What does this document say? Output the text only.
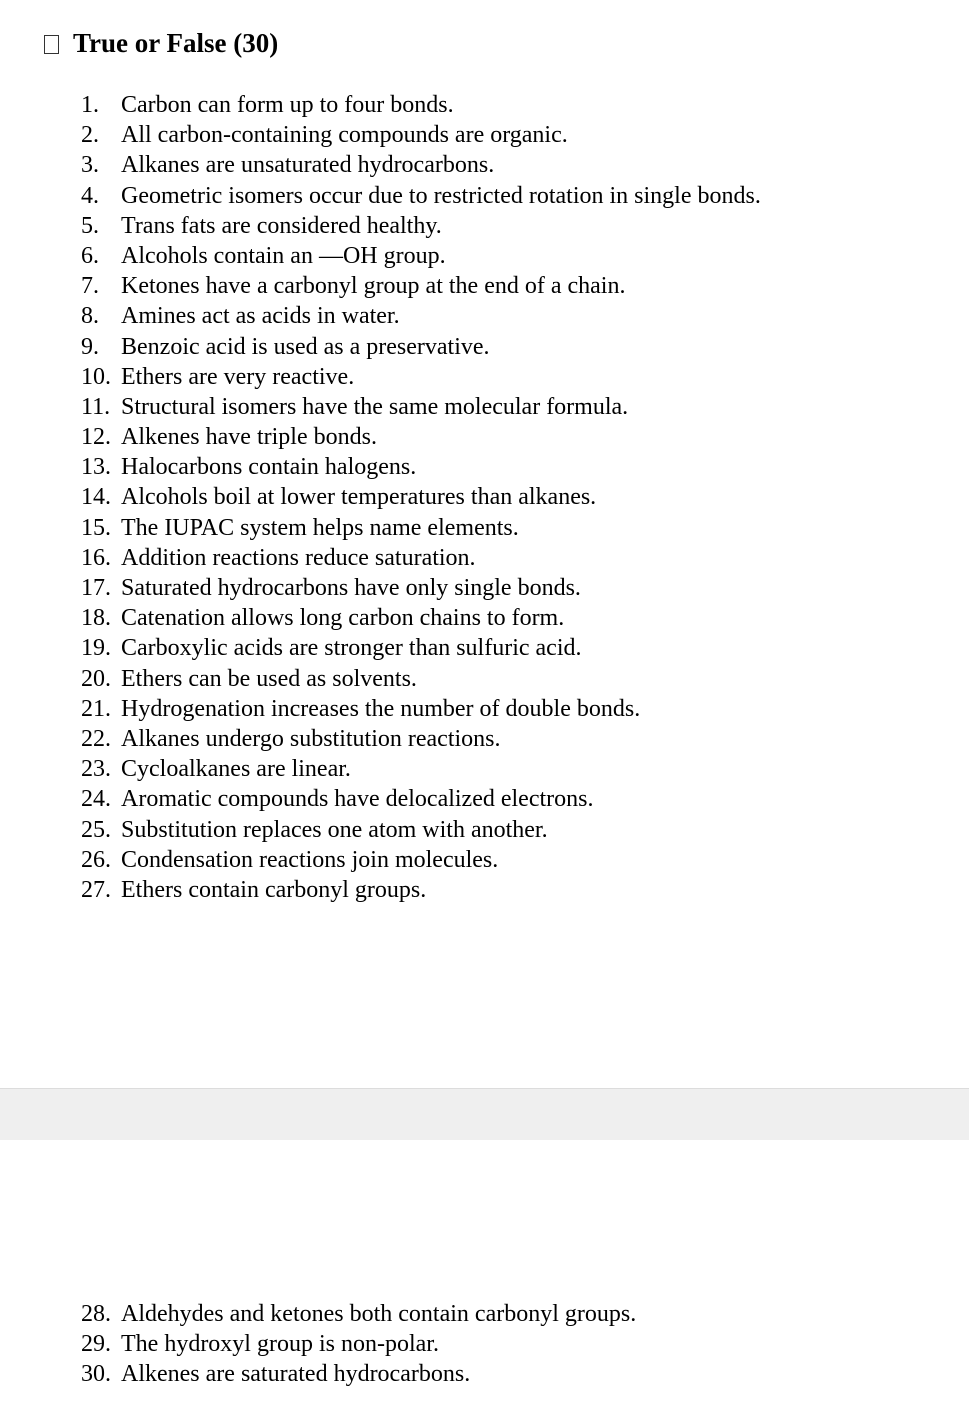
True or False (30)
1. Carbon can form up to four bonds.
2. All carbon-containing compounds are organic.
3. Alkanes are unsaturated hydrocarbons.
4. Geometric isomers occur due to restricted rotation in single bonds.
5. Trans fats are considered healthy.
6. Alcohols contain an —OH group.
7. Ketones have a carbonyl group at the end of a chain.
8. Amines act as acids in water.
9. Benzoic acid is used as a preservative.
10. Ethers are very reactive.
11. Structural isomers have the same molecular formula.
12. Alkenes have triple bonds.
13. Halocarbons contain halogens.
14. Alcohols boil at lower temperatures than alkanes.
15. The IUPAC system helps name elements.
16. Addition reactions reduce saturation.
17. Saturated hydrocarbons have only single bonds.
18. Catenation allows long carbon chains to form.
19. Carboxylic acids are stronger than sulfuric acid.
20. Ethers can be used as solvents.
21. Hydrogenation increases the number of double bonds.
22. Alkanes undergo substitution reactions.
23. Cycloalkanes are linear.
24. Aromatic compounds have delocalized electrons.
25. Substitution replaces one atom with another.
26. Condensation reactions join molecules.
27. Ethers contain carbonyl groups.
28. Aldehydes and ketones both contain carbonyl groups.
29. The hydroxyl group is non-polar.
30. Alkenes are saturated hydrocarbons.
